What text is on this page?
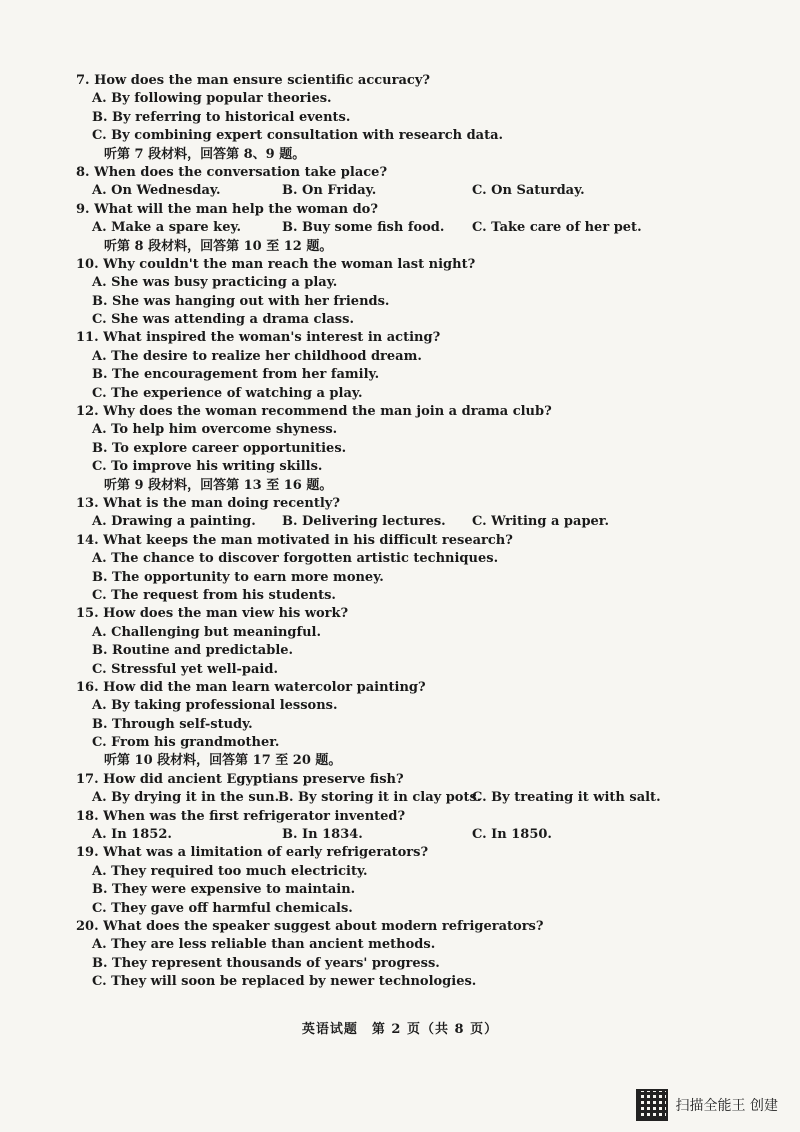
7. How does the man ensure scientific accuracy?
A. By following popular theories.
B. By referring to historical events.
C. By combining expert consultation with research data.
听第 7 段材料，回答第 8、9 题。
8. When does the conversation take place?
A. On Wednesday.	B. On Friday.	C. On Saturday.
9. What will the man help the woman do?
A. Make a spare key.	B. Buy some fish food.	C. Take care of her pet.
听第 8 段材料，回答第 10 至 12 题。
10. Why couldn't the man reach the woman last night?
A. She was busy practicing a play.
B. She was hanging out with her friends.
C. She was attending a drama class.
11. What inspired the woman's interest in acting?
A. The desire to realize her childhood dream.
B. The encouragement from her family.
C. The experience of watching a play.
12. Why does the woman recommend the man join a drama club?
A. To help him overcome shyness.
B. To explore career opportunities.
C. To improve his writing skills.
听第 9 段材料，回答第 13 至 16 题。
13. What is the man doing recently?
A. Drawing a painting.	B. Delivering lectures.	C. Writing a paper.
14. What keeps the man motivated in his difficult research?
A. The chance to discover forgotten artistic techniques.
B. The opportunity to earn more money.
C. The request from his students.
15. How does the man view his work?
A. Challenging but meaningful.
B. Routine and predictable.
C. Stressful yet well-paid.
16. How did the man learn watercolor painting?
A. By taking professional lessons.
B. Through self-study.
C. From his grandmother.
听第 10 段材料，回答第 17 至 20 题。
17. How did ancient Egyptians preserve fish?
A. By drying it in the sun.
B. By storing it in clay pots.
C. By treating it with salt.
18. When was the first refrigerator invented?
A. In 1852.	B. In 1834.	C. In 1850.
19. What was a limitation of early refrigerators?
A. They required too much electricity.
B. They were expensive to maintain.
C. They gave off harmful chemicals.
20. What does the speaker suggest about modern refrigerators?
A. They are less reliable than ancient methods.
B. They represent thousands of years' progress.
C. They will soon be replaced by newer technologies.
英语试题　第 2 页（共 8 页）
扫描全能王 创建
